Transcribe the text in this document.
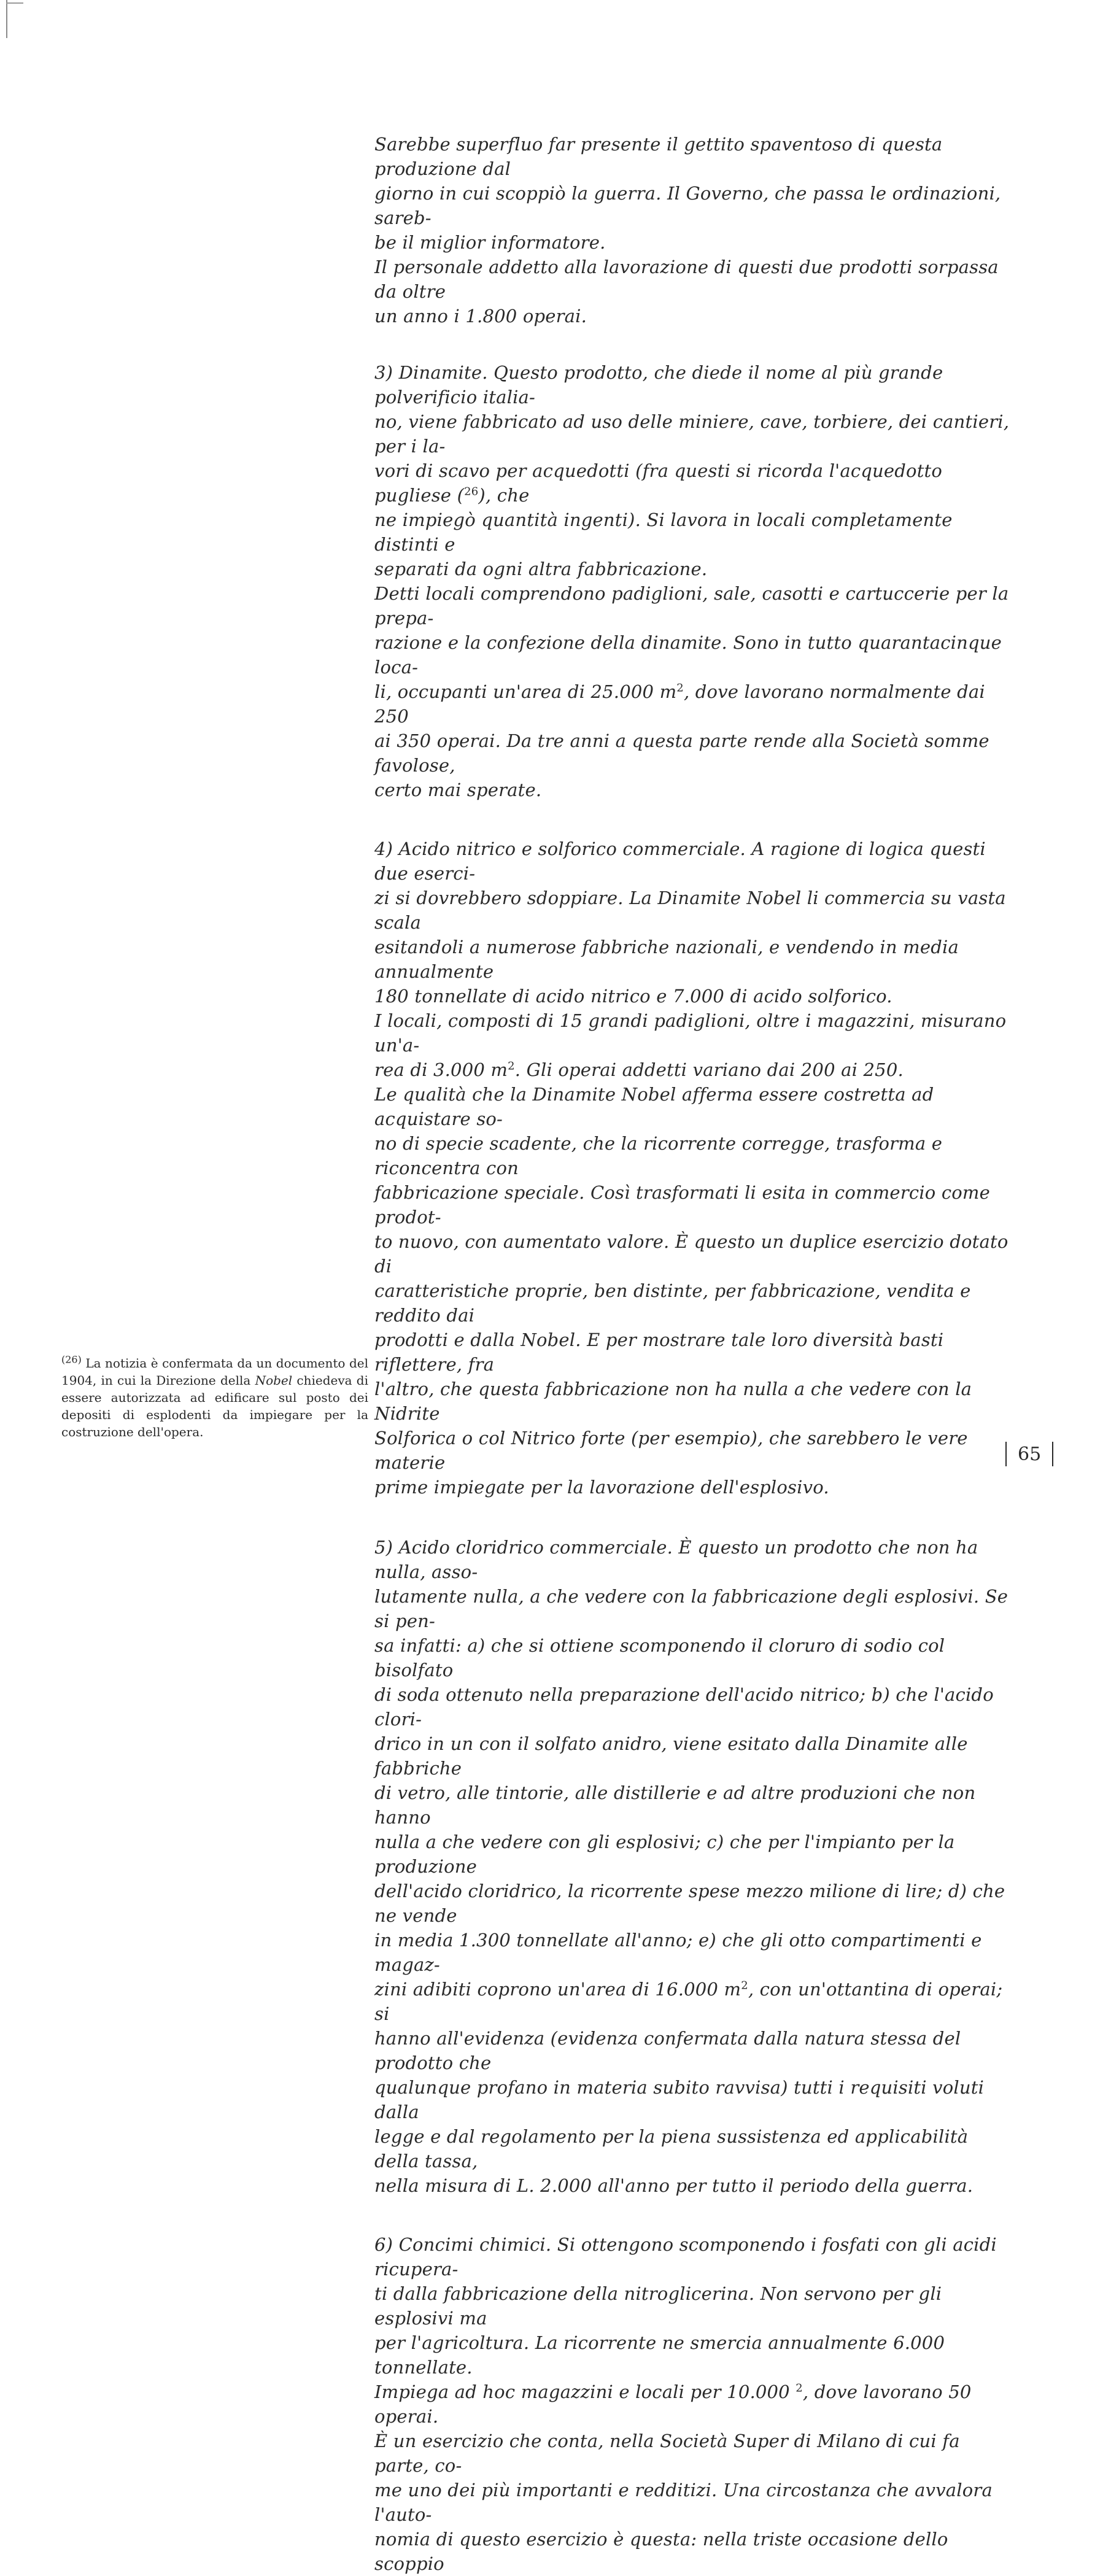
Sarebbe superfluo far presente il gettito spaventoso di questa produzione dal

giorno in cui scoppiò la guerra. Il Governo, che passa le ordinazioni, sareb-

be il miglior informatore.

Il personale addetto alla lavorazione di questi due prodotti sorpassa da oltre

un anno i 1.800 operai.

3) Dinamite. Questo prodotto, che diede il nome al più grande polverificio italia-

no, viene fabbricato ad uso delle miniere, cave, torbiere, dei cantieri, per i la-

vori di scavo per acquedotti (fra questi si ricorda l'acquedotto pugliese ($^{26}$), che

ne impiegò quantità ingenti). Si lavora in locali completamente distinti e

separati da ogni altra fabbricazione.

Detti locali comprendono padiglioni, sale, casotti e cartuccerie per la prepa-

razione e la confezione della dinamite. Sono in tutto quarantacinque loca-

li, occupanti un'area di 25.000 $m^2$, dove lavorano normalmente dai 250

ai 350 operai. Da tre anni a questa parte rende alla Società somme favolose,

certo mai sperate.

4) Acido nitrico e solforico commerciale. A ragione di logica questi due eserci-

zi si dovrebbero sdoppiare. La Dinamite Nobel li commercia su vasta scala

esitandoli a numerose fabbriche nazionali, e vendendo in media annualmente

180 tonnellate di acido nitrico e 7.000 di acido solforico.

I locali, composti di 15 grandi padiglioni, oltre i magazzini, misurano un'a-

rea di 3.000 $m^2$. Gli operai addetti variano dai 200 ai 250.

Le qualità che la Dinamite Nobel afferma essere costretta ad acquistare so-

no di specie scadente, che la ricorrente corregge, trasforma e riconcentra con

fabbricazione speciale. Così trasformati li esita in commercio come prodot-

to nuovo, con aumentato valore. È questo un duplice esercizio dotato di

caratteristiche proprie, ben distinte, per fabbricazione, vendita e reddito dai

prodotti e dalla Nobel. E per mostrare tale loro diversità basti riflettere, fra

l'altro, che questa fabbricazione non ha nulla a che vedere con la Nidrite

Solforica o col Nitrico forte (per esempio), che sarebbero le vere materie

prime impiegate per la lavorazione dell'esplosivo.

5) Acido cloridrico commerciale. È questo un prodotto che non ha nulla, asso-

lutamente nulla, a che vedere con la fabbricazione degli esplosivi. Se si pen-

sa infatti: a) che si ottiene scomponendo il cloruro di sodio col bisolfato

di soda ottenuto nella preparazione dell'acido nitrico; b) che l'acido clori-

drico in un con il solfato anidro, viene esitato dalla Dinamite alle fabbriche

di vetro, alle tintorie, alle distillerie e ad altre produzioni che non hanno

nulla a che vedere con gli esplosivi; c) che per l'impianto per la produzione

dell'acido cloridrico, la ricorrente spese mezzo milione di lire; d) che ne vende

in media 1.300 tonnellate all'anno; e) che gli otto compartimenti e magaz-

zini adibiti coprono un'area di 16.000 $m^2$, con un'ottantina di operai; si

hanno all'evidenza (evidenza confermata dalla natura stessa del prodotto che

qualunque profano in materia subito ravvisa) tutti i requisiti voluti dalla

legge e dal regolamento per la piena sussistenza ed applicabilità della tassa,

nella misura di L. 2.000 all'anno per tutto il periodo della guerra.

6) Concimi chimici. Si ottengono scomponendo i fosfati con gli acidi ricupera-

ti dalla fabbricazione della nitroglicerina. Non servono per gli esplosivi ma

per l'agricoltura. La ricorrente ne smercia annualmente 6.000 tonnellate.

Impiega ad hoc magazzini e locali per 10.000 $^2$, dove lavorano 50 operai.

È un esercizio che conta, nella Società Super di Milano di cui fa parte, co-

me uno dei più importanti e redditizi. Una circostanza che avvalora l'auto-

nomia di questo esercizio è questa: nella triste occasione dello scoppio

$^{(26)}$ La notizia è confermata da un documento del 1904, in cui la Direzione della Nobel chiedeva di essere autorizzata ad edificare sul posto dei depositi di esplodenti da impiegare per la costruzione dell'opera.
65
